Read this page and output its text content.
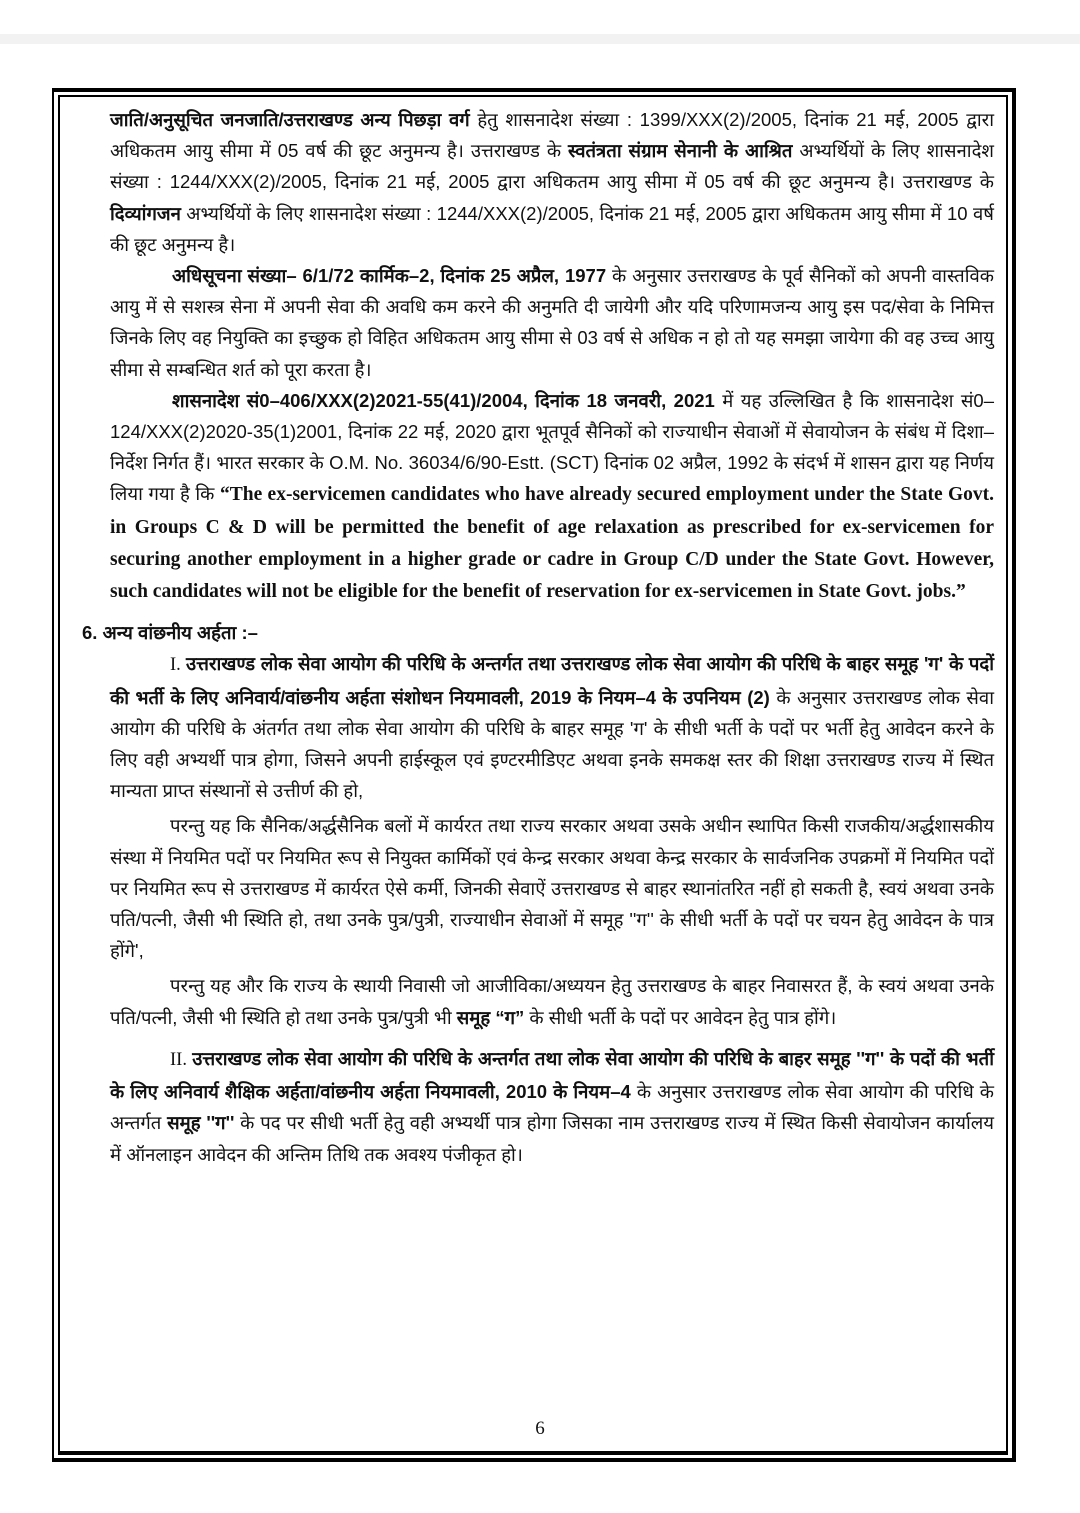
जाति/अनुसूचित जनजाति/उत्तराखण्ड अन्य पिछड़ा वर्ग हेतु शासनादेश संख्या : 1399/XXX(2)/2005, दिनांक 21 मई, 2005 द्वारा अधिकतम आयु सीमा में 05 वर्ष की छूट अनुमन्य है। उत्तराखण्ड के स्वतंत्रता संग्राम सेनानी के आश्रित अभ्यर्थियों के लिए शासनादेश संख्या : 1244/XXX(2)/2005, दिनांक 21 मई, 2005 द्वारा अधिकतम आयु सीमा में 05 वर्ष की छूट अनुमन्य है। उत्तराखण्ड के दिव्यांगजन अभ्यर्थियों के लिए शासनादेश संख्या : 1244/XXX(2)/2005, दिनांक 21 मई, 2005 द्वारा अधिकतम आयु सीमा में 10 वर्ष की छूट अनुमन्य है।

अधिसूचना संख्या– 6/1/72 कार्मिक–2, दिनांक 25 अप्रैल, 1977 के अनुसार उत्तराखण्ड के पूर्व सैनिकों को अपनी वास्तविक आयु में से सशस्त्र सेना में अपनी सेवा की अवधि कम करने की अनुमति दी जायेगी और यदि परिणामजन्य आयु इस पद/सेवा के निमित्त जिनके लिए वह नियुक्ति का इच्छुक हो विहित अधिकतम आयु सीमा से 03 वर्ष से अधिक न हो तो यह समझा जायेगा की वह उच्च आयु सीमा से सम्बन्धित शर्त को पूरा करता है।

शासनादेश सं0–406/XXX(2)2021-55(41)/2004, दिनांक 18 जनवरी, 2021 में यह उल्लिखित है कि शासनादेश सं0–124/XXX(2)2020-35(1)2001, दिनांक 22 मई, 2020 द्वारा भूतपूर्व सैनिकों को राज्याधीन सेवाओं में सेवायोजन के संबंध में दिशा–निर्देश निर्गत हैं। भारत सरकार के O.M. No. 36034/6/90-Estt. (SCT) दिनांक 02 अप्रैल, 1992 के संदर्भ में शासन द्वारा यह निर्णय लिया गया है कि “The ex-servicemen candidates who have already secured employment under the State Govt. in Groups C & D will be permitted the benefit of age relaxation as prescribed for ex-servicemen for securing another employment in a higher grade or cadre in Group C/D under the State Govt. However, such candidates will not be eligible for the benefit of reservation for ex-servicemen in State Govt. jobs.”

6. अन्य वांछनीय अर्हता :–

I. उत्तराखण्ड लोक सेवा आयोग की परिधि के अन्तर्गत तथा उत्तराखण्ड लोक सेवा आयोग की परिधि के बाहर समूह 'ग' के पदों की भर्ती के लिए अनिवार्य/वांछनीय अर्हता संशोधन नियमावली, 2019 के नियम–4 के उपनियम (2) के अनुसार उत्तराखण्ड लोक सेवा आयोग की परिधि के अंतर्गत तथा लोक सेवा आयोग की परिधि के बाहर समूह 'ग' के सीधी भर्ती के पदों पर भर्ती हेतु आवेदन करने के लिए वही अभ्यर्थी पात्र होगा, जिसने अपनी हाईस्कूल एवं इण्टरमीडिएट अथवा इनके समकक्ष स्तर की शिक्षा उत्तराखण्ड राज्य में स्थित मान्यता प्राप्त संस्थानों से उत्तीर्ण की हो,

परन्तु यह कि सैनिक/अर्द्धसैनिक बलों में कार्यरत तथा राज्य सरकार अथवा उसके अधीन स्थापित किसी राजकीय/अर्द्धशासकीय संस्था में नियमित पदों पर नियमित रूप से नियुक्त कार्मिकों एवं केन्द्र सरकार अथवा केन्द्र सरकार के सार्वजनिक उपक्रमों में नियमित पदों पर नियमित रूप से उत्तराखण्ड में कार्यरत ऐसे कर्मी, जिनकी सेवाऐं उत्तराखण्ड से बाहर स्थानांतरित नहीं हो सकती है, स्वयं अथवा उनके पति/पत्नी, जैसी भी स्थिति हो, तथा उनके पुत्र/पुत्री, राज्याधीन सेवाओं में समूह ''ग'' के सीधी भर्ती के पदों पर चयन हेतु आवेदन के पात्र होंगे',

परन्तु यह और कि राज्य के स्थायी निवासी जो आजीविका/अध्ययन हेतु उत्तराखण्ड के बाहर निवासरत हैं, के स्वयं अथवा उनके पति/पत्नी, जैसी भी स्थिति हो तथा उनके पुत्र/पुत्री भी समूह “ग” के सीधी भर्ती के पदों पर आवेदन हेतु पात्र होंगे।

II. उत्तराखण्ड लोक सेवा आयोग की परिधि के अन्तर्गत तथा लोक सेवा आयोग की परिधि के बाहर समूह ''ग'' के पदों की भर्ती के लिए अनिवार्य शैक्षिक अर्हता/वांछनीय अर्हता नियमावली, 2010 के नियम–4 के अनुसार उत्तराखण्ड लोक सेवा आयोग की परिधि के अन्तर्गत समूह ''ग'' के पद पर सीधी भर्ती हेतु वही अभ्यर्थी पात्र होगा जिसका नाम उत्तराखण्ड राज्य में स्थित किसी सेवायोजन कार्यालय में ऑनलाइन आवेदन की अन्तिम तिथि तक अवश्य पंजीकृत हो।

6
